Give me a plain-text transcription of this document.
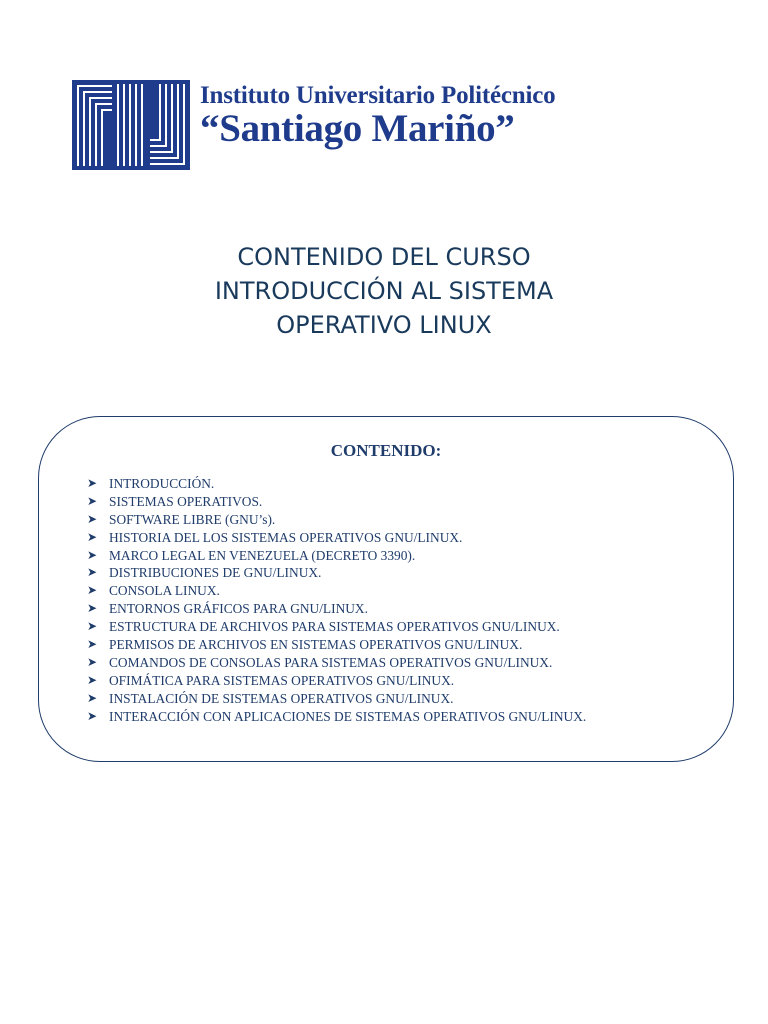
Instituto Universitario Politécnico
“Santiago Mariño”
CONTENIDO DEL CURSO
INTRODUCCIÓN AL SISTEMA
OPERATIVO LINUX
CONTENIDO:
➤ INTRODUCCIÓN.
➤ SISTEMAS OPERATIVOS.
➤ SOFTWARE LIBRE (GNU’s).
➤ HISTORIA DEL LOS SISTEMAS OPERATIVOS GNU/LINUX.
➤ MARCO LEGAL EN VENEZUELA (DECRETO 3390).
➤ DISTRIBUCIONES DE GNU/LINUX.
➤ CONSOLA LINUX.
➤ ENTORNOS GRÁFICOS PARA GNU/LINUX.
➤ ESTRUCTURA DE ARCHIVOS PARA SISTEMAS OPERATIVOS GNU/LINUX.
➤ PERMISOS DE ARCHIVOS EN SISTEMAS OPERATIVOS GNU/LINUX.
➤ COMANDOS DE CONSOLAS PARA SISTEMAS OPERATIVOS GNU/LINUX.
➤ OFIMÁTICA PARA SISTEMAS OPERATIVOS GNU/LINUX.
➤ INSTALACIÓN DE SISTEMAS OPERATIVOS GNU/LINUX.
➤ INTERACCIÓN CON APLICACIONES DE SISTEMAS OPERATIVOS GNU/LINUX.
